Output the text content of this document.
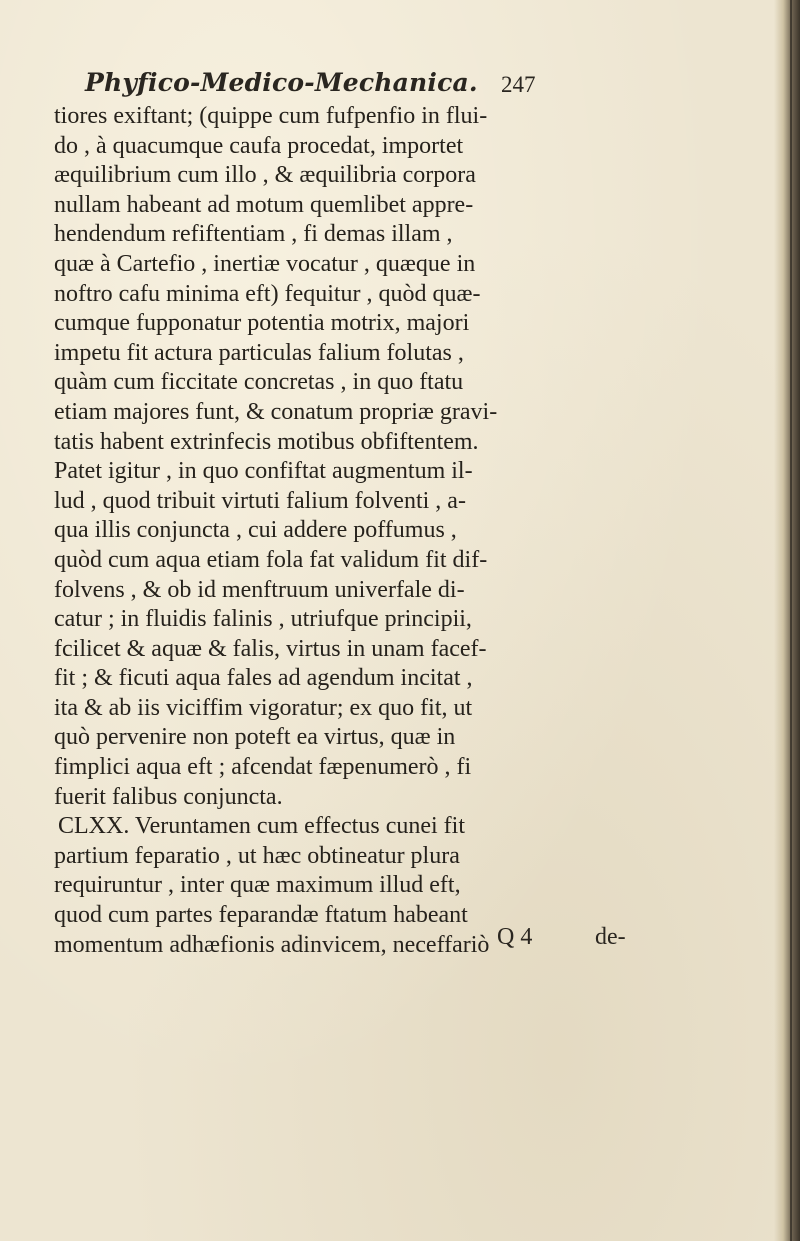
Phyfico-Medico-Mechanica. 247
tiores exiftant; (quippe cum fufpenfio in flui-
do , à quacumque caufa procedat, importet
æquilibrium cum illo , & æquilibria corpora
nullam habeant ad motum quemlibet appre-
hendendum refiftentiam , fi demas illam ,
quæ à Cartefio , inertiæ vocatur , quæque in
noftro cafu minima eft) fequitur , quòd quæ-
cumque fupponatur potentia motrix, majori
impetu fit actura particulas falium folutas ,
quàm cum ficcitate concretas , in quo ftatu
etiam majores funt, & conatum propriæ gravi-
tatis habent extrinfecis motibus obfiftentem.
Patet igitur , in quo confiftat augmentum il-
lud , quod tribuit virtuti falium folventi , a-
qua illis conjuncta , cui addere poffumus ,
quòd cum aqua etiam fola fat validum fit dif-
folvens , & ob id menftruum univerfale di-
catur ; in fluidis falinis , utriufque principii,
fcilicet & aquæ & falis, virtus in unam facef-
fit ; & ficuti aqua fales ad agendum incitat ,
ita & ab iis viciffim vigoratur; ex quo fit, ut
quò pervenire non poteft ea virtus, quæ in
fimplici aqua eft ; afcendat fæpenumerò , fi
fuerit falibus conjuncta.
CLXX. Veruntamen cum effectus cunei fit
partium feparatio , ut hæc obtineatur plura
requiruntur , inter quæ maximum illud eft,
quod cum partes feparandæ ftatum habeant
momentum adhæfionis adinvicem, neceffariò Q 4	de-
